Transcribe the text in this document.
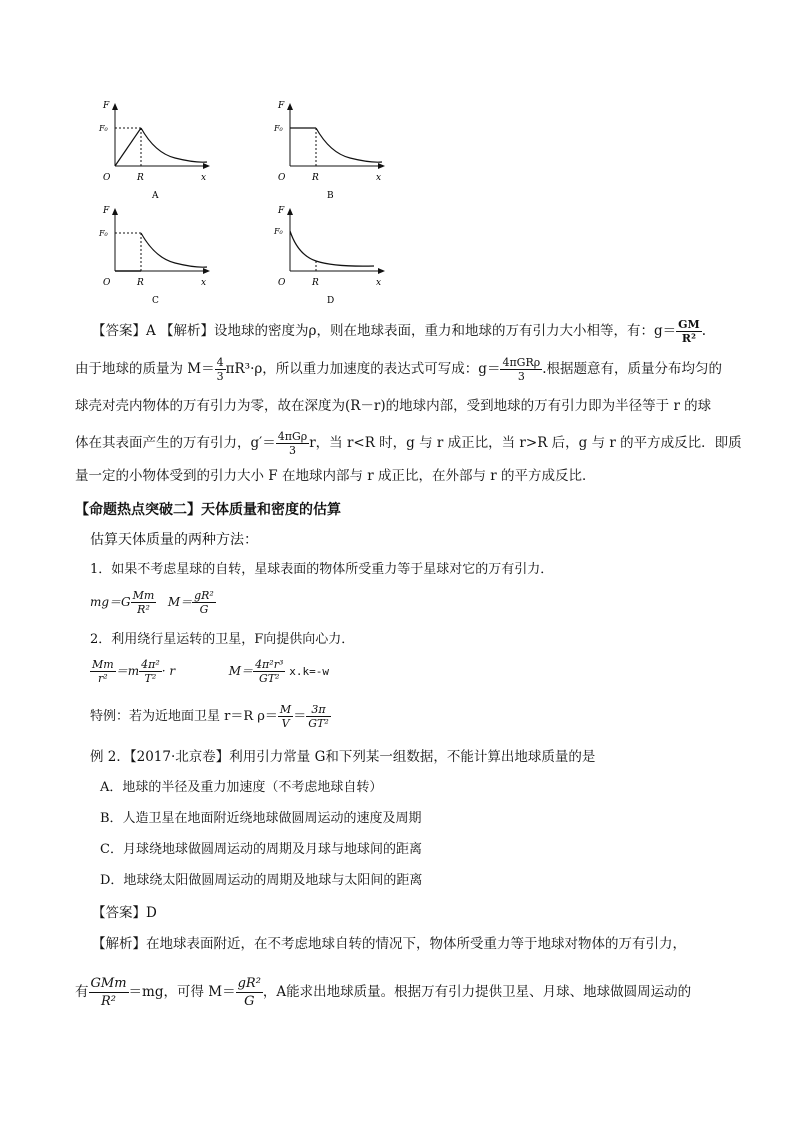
F
F₀
O	R	x
A
F
F₀
O	R	x
B
F
F₀
O	R	x
C
F
F₀
O	R	x
D
【答案】A 【解析】设地球的密度为ρ，则在地球表面，重力和地球的万有引力大小相等，有：$g= \frac{GM}{\text{R²}}$ .
由于地球的质量为 $M= \frac{4}{3} \pi R^3\cdot\rho$，所以重力加速度的表达式可写成：$g= \frac{\text{4πGRρ}}{3}$ .根据题意有，质量分布均匀的
球壳对壳内物体的万有引力为零，故在深度为(R－r)的地球内部，受到地球的万有引力即为半径等于 r 的球
体在其表面产生的万有引力，$g'= \frac{\text{4πGρ}}{3}$ r，当 r<R 时，g 与 r 成正比，当 r>R 后，g 与 r 的平方成反比．即质
量一定的小物体受到的引力大小 F 在地球内部与 r 成正比，在外部与 r 的平方成反比．
【命题热点突破二】天体质量和密度的估算
估算天体质量的两种方法：
1．如果不考虑星球的自转，星球表面的物体所受重力等于星球对它的万有引力．
$mg=G \frac{Mm}{\text{R²}} M= \frac{\text{gR²}}{G}$
2．利用绕行星运转的卫星，F向提供向心力．
$\frac{Mm}{\text{r²}} =m \frac{\text{4π²}}{\text{T²}} \cdot r$	$M= \frac{\text{4π²r³}}{\text{GT²}} x.k=-w$
特例：若为近地面卫星 r＝R $\rho= \frac{M}{V} = \frac{3\pi}{\text{GT²}}$
例 2．【2017·北京卷】利用引力常量 G和下列某一组数据，不能计算出地球质量的是
A．地球的半径及重力加速度（不考虑地球自转）
B．人造卫星在地面附近绕地球做圆周运动的速度及周期
C．月球绕地球做圆周运动的周期及月球与地球间的距离
D．地球绕太阳做圆周运动的周期及地球与太阳间的距离
【答案】D
【解析】在地球表面附近，在不考虑地球自转的情况下，物体所受重力等于地球对物体的万有引力，
有 $\frac{\text{GMm}}{\text{R²}} =mg$，可得 $M= \frac{\text{gR²}}{G}$ ，A能求出地球质量。根据万有引力提供卫星、月球、地球做圆周运动的
